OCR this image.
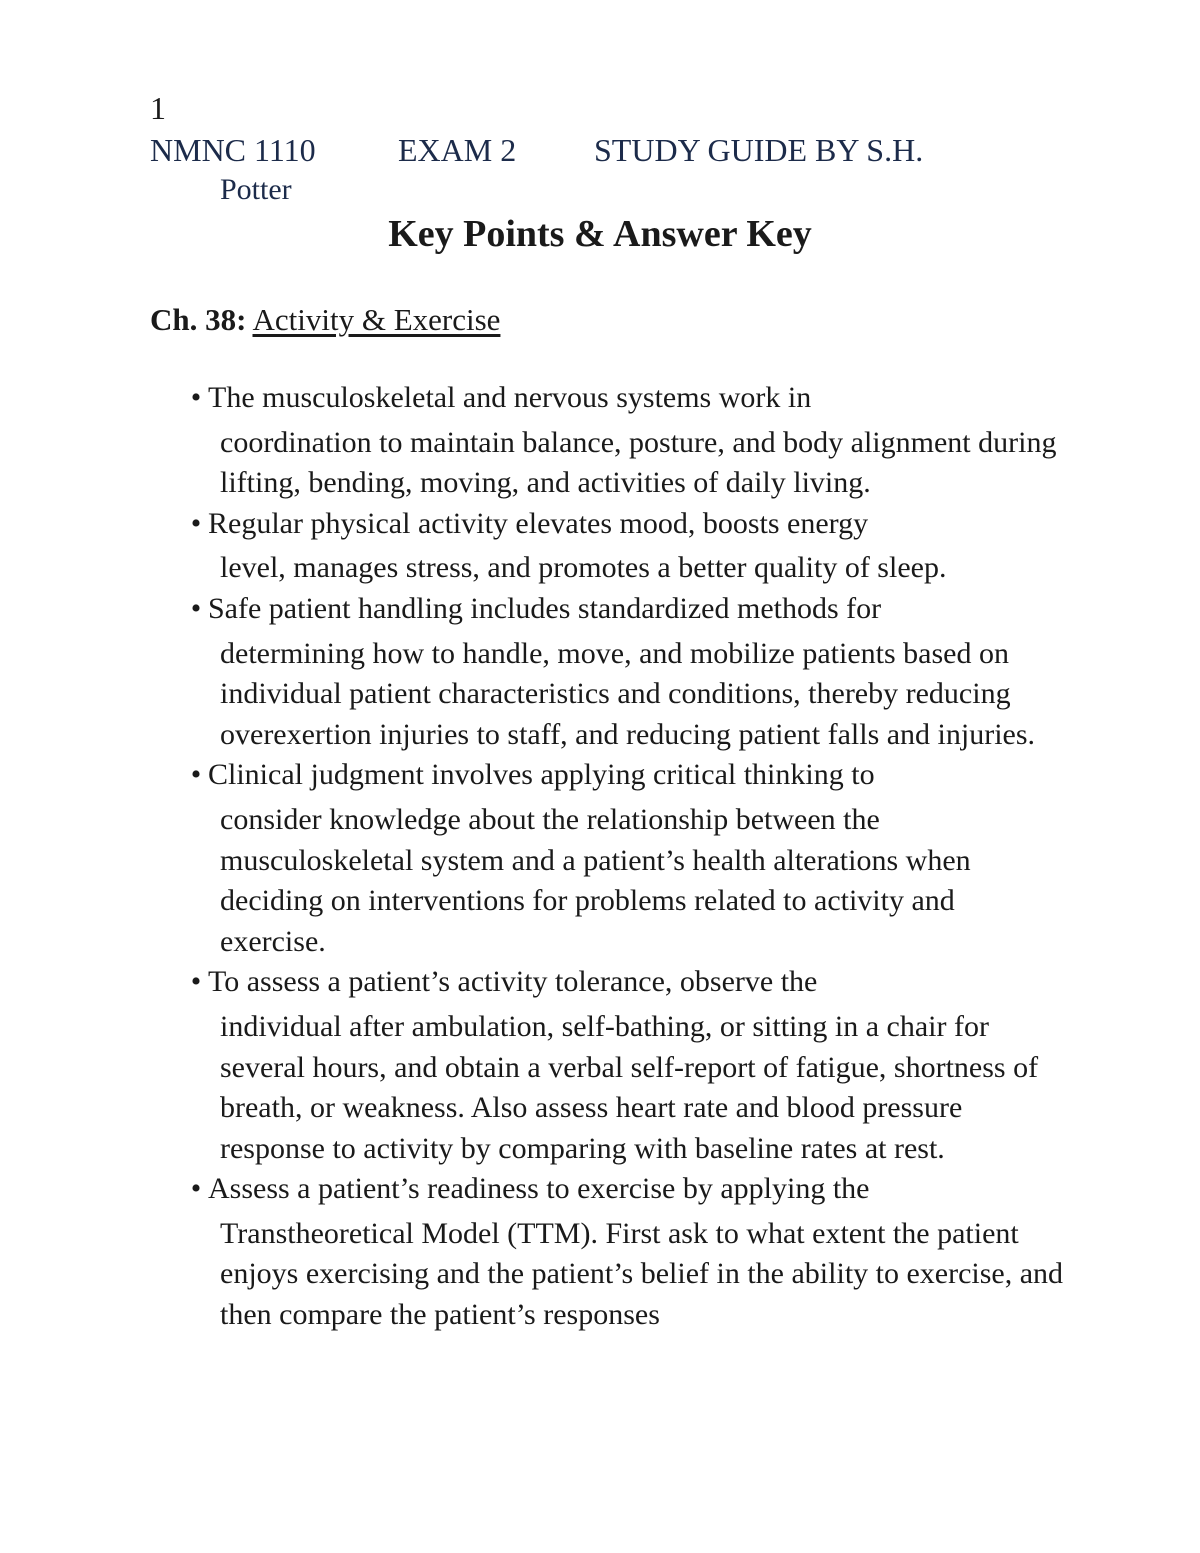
1
NMNC 1110	EXAM 2 STUDY GUIDE BY S.H.
Potter
Key Points & Answer Key
Ch. 38: Activity & Exercise
• The musculoskeletal and nervous systems work in
coordination to maintain balance, posture, and body alignment during lifting, bending, moving, and activities of daily living.
• Regular physical activity elevates mood, boosts energy
level, manages stress, and promotes a better quality of sleep.
• Safe patient handling includes standardized methods for
determining how to handle, move, and mobilize patients based on individual patient characteristics and conditions, thereby reducing overexertion injuries to staff, and reducing patient falls and injuries.
• Clinical judgment involves applying critical thinking to
consider knowledge about the relationship between the musculoskeletal system and a patient’s health alterations when deciding on interventions for problems related to activity and exercise.
• To assess a patient’s activity tolerance, observe the
individual after ambulation, self-bathing, or sitting in a chair for several hours, and obtain a verbal self-report of fatigue, shortness of breath, or weakness. Also assess heart rate and blood pressure response to activity by comparing with baseline rates at rest.
• Assess a patient’s readiness to exercise by applying the
Transtheoretical Model (TTM). First ask to what extent the patient enjoys exercising and the patient’s belief in the ability to exercise, and then compare the patient’s responses
